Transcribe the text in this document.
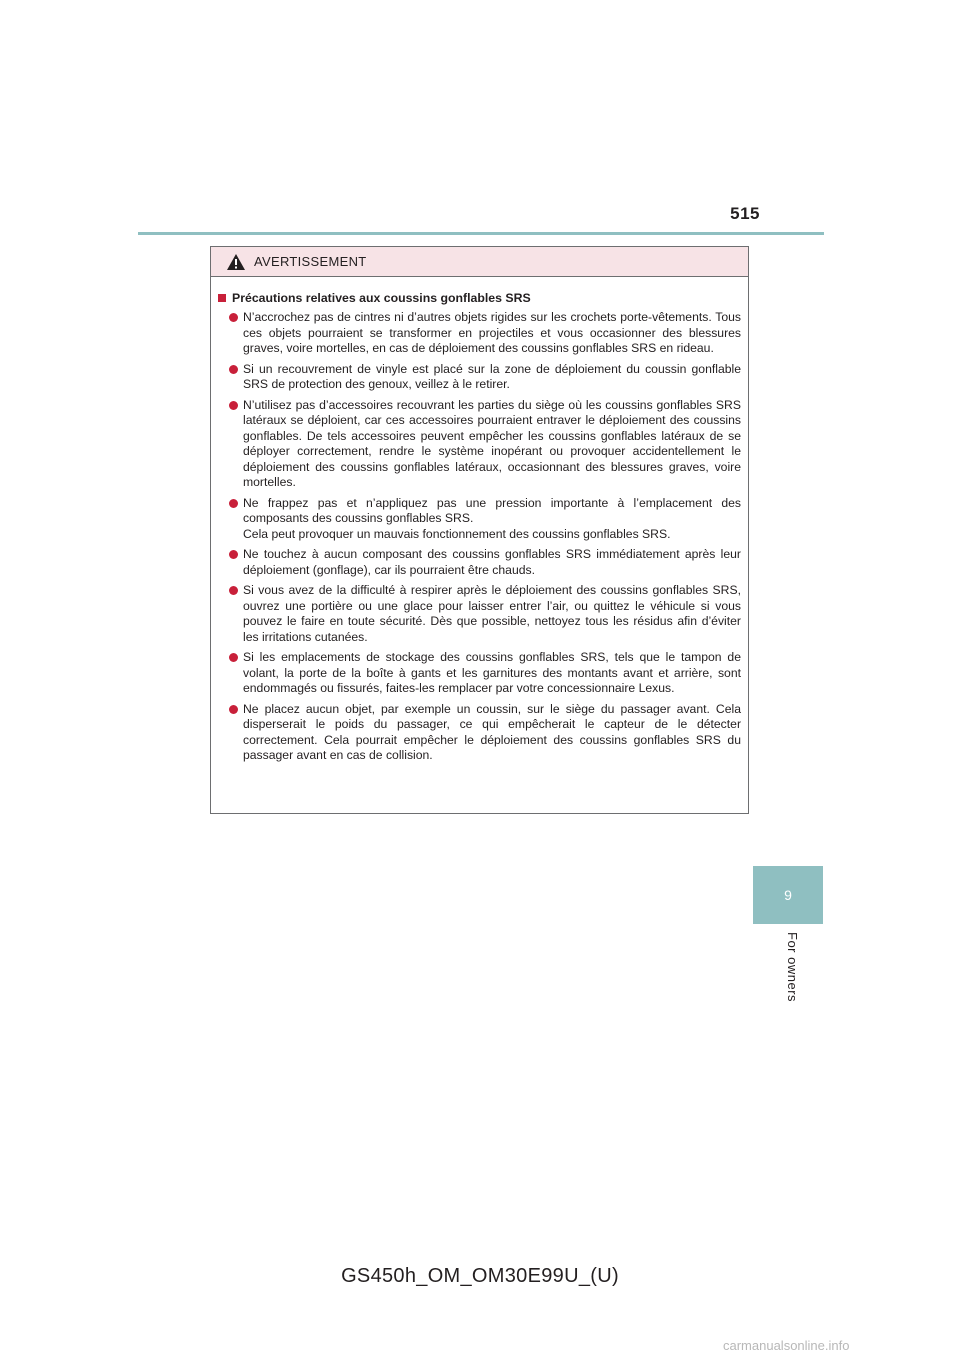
515
AVERTISSEMENT
Précautions relatives aux coussins gonflables SRS
N’accrochez pas de cintres ni d’autres objets rigides sur les crochets porte-vêtements. Tous ces objets pourraient se transformer en projectiles et vous occasionner des blessures graves, voire mortelles, en cas de déploiement des coussins gonflables SRS en rideau.
Si un recouvrement de vinyle est placé sur la zone de déploiement du coussin gonflable SRS de protection des genoux, veillez à le retirer.
N’utilisez pas d’accessoires recouvrant les parties du siège où les coussins gonflables SRS latéraux se déploient, car ces accessoires pourraient entraver le déploiement des coussins gonflables. De tels accessoires peuvent empêcher les coussins gonflables latéraux de se déployer correctement, rendre le système inopérant ou provoquer accidentellement le déploiement des coussins gonflables latéraux, occasionnant des blessures graves, voire mortelles.
Ne frappez pas et n’appliquez pas une pression importante à l’emplacement des composants des coussins gonflables SRS.
Cela peut provoquer un mauvais fonctionnement des coussins gonflables SRS.
Ne touchez à aucun composant des coussins gonflables SRS immédiatement après leur déploiement (gonflage), car ils pourraient être chauds.
Si vous avez de la difficulté à respirer après le déploiement des coussins gonflables SRS, ouvrez une portière ou une glace pour laisser entrer l’air, ou quittez le véhicule si vous pouvez le faire en toute sécurité. Dès que possible, nettoyez tous les résidus afin d’éviter les irritations cutanées.
Si les emplacements de stockage des coussins gonflables SRS, tels que le tampon de volant, la porte de la boîte à gants et les garnitures des montants avant et arrière, sont endommagés ou fissurés, faites-les remplacer par votre concessionnaire Lexus.
Ne placez aucun objet, par exemple un coussin, sur le siège du passager avant. Cela disperserait le poids du passager, ce qui empêcherait le capteur de le détecter correctement. Cela pourrait empêcher le déploiement des coussins gonflables SRS du passager avant en cas de collision.
9
For owners
GS450h_OM_OM30E99U_(U)
carmanualsonline.info
